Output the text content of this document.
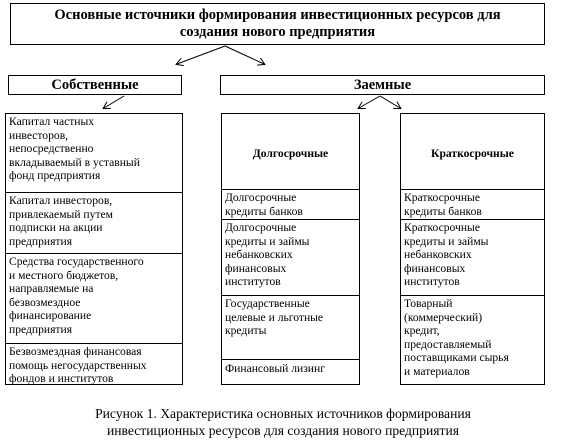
Основные источники формирования инвестиционных ресурсов для
создания нового предприятия
Собственные	Заемные
Капитал частных
инвесторов,
непосредственно
вкладываемый в уставный
фонд предприятия
Капитал инвесторов,
привлекаемый путем
подписки на акции
предприятия
Средства государственного
и местного бюджетов,
направляемые на
безвозмездное
финансирование
предприятия
Безвозмездная финансовая
помощь негосударственных
фондов и институтов
Долгосрочные
Долгосрочные
кредиты банков
Долгосрочные
кредиты и займы
небанковских
финансовых
институтов
Государственные
целевые и льготные
кредиты
Финансовый лизинг
Краткосрочные
Краткосрочные
кредиты банков
Краткосрочные
кредиты и займы
небанковских
финансовых
институтов
Товарный
(коммерческий)
кредит,
предоставляемый
поставщиками сырья
и материалов
Рисунок 1. Характеристика основных источников формирования
инвестиционных ресурсов для создания нового предприятия
